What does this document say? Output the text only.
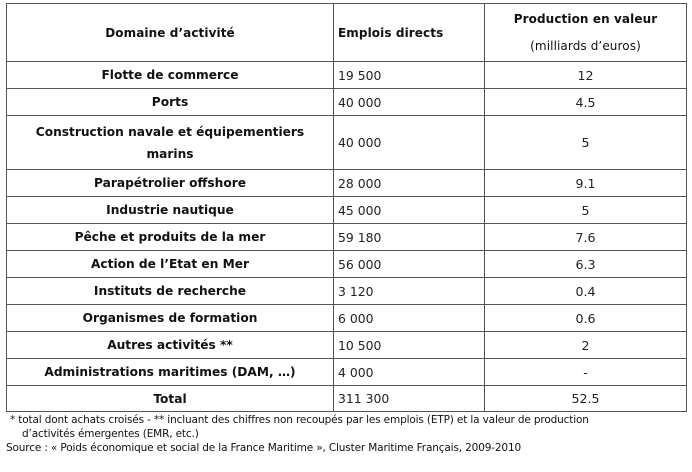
Domaine d’activité	Emplois directs	Production en valeur
(milliards d’euros)

Flotte de commerce	19 500	12
Ports	40 000	4.5
Construction navale et équipementiers marins	40 000	5
Parapétrolier offshore	28 000	9.1
Industrie nautique	45 000	5
Pêche et produits de la mer	59 180	7.6
Action de l’Etat en Mer	56 000	6.3
Instituts de recherche	3 120	0.4
Organismes de formation	6 000	0.6
Autres activités **	10 500	2
Administrations maritimes (DAM, …)	4 000	-
Total	311 300	52.5
* total dont achats croisés - ** incluant des chiffres non recoupés par les emplois (ETP) et la valeur de production
d’activités émergentes (EMR, etc.)
Source : « Poids économique et social de la France Maritime », Cluster Maritime Français, 2009-2010
